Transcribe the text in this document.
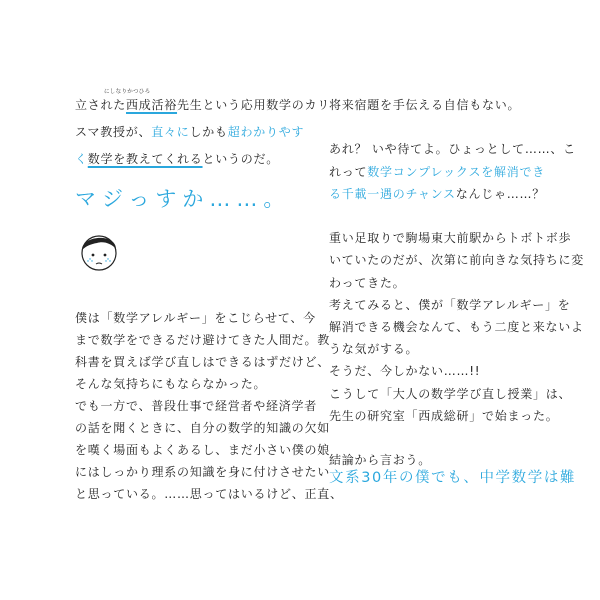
にしなりかつひろ
立された西成活裕先生という応用数学のカリ
スマ教授が、直々にしかも超わかりやす
く数学を教えてくれるというのだ。
マジっすか……。
僕は「数学アレルギー」をこじらせて、今
まで数学をできるだけ避けてきた人間だ。教
科書を買えば学び直しはできるはずだけど、
そんな気持ちにもならなかった。
でも一方で、普段仕事で経営者や経済学者
の話を聞くときに、自分の数学的知識の欠如
を嘆く場面もよくあるし、まだ小さい僕の娘
にはしっかり理系の知識を身に付けさせたい
と思っている。……思ってはいるけど、正直、
将来宿題を手伝える自信もない。
あれ？ いや待てよ。ひょっとして……、こ
れって数学コンプレックスを解消でき
る千載一遇のチャンスなんじゃ……？
重い足取りで駒場東大前駅からトボトボ歩
いていたのだが、次第に前向きな気持ちに変
わってきた。
考えてみると、僕が「数学アレルギー」を
解消できる機会なんて、もう二度と来ないよ
うな気がする。
そうだ、今しかない……!!
こうして「大人の数学学び直し授業」は、
先生の研究室「西成総研」で始まった。
結論から言おう。
文系30年の僕でも、中学数学は難
